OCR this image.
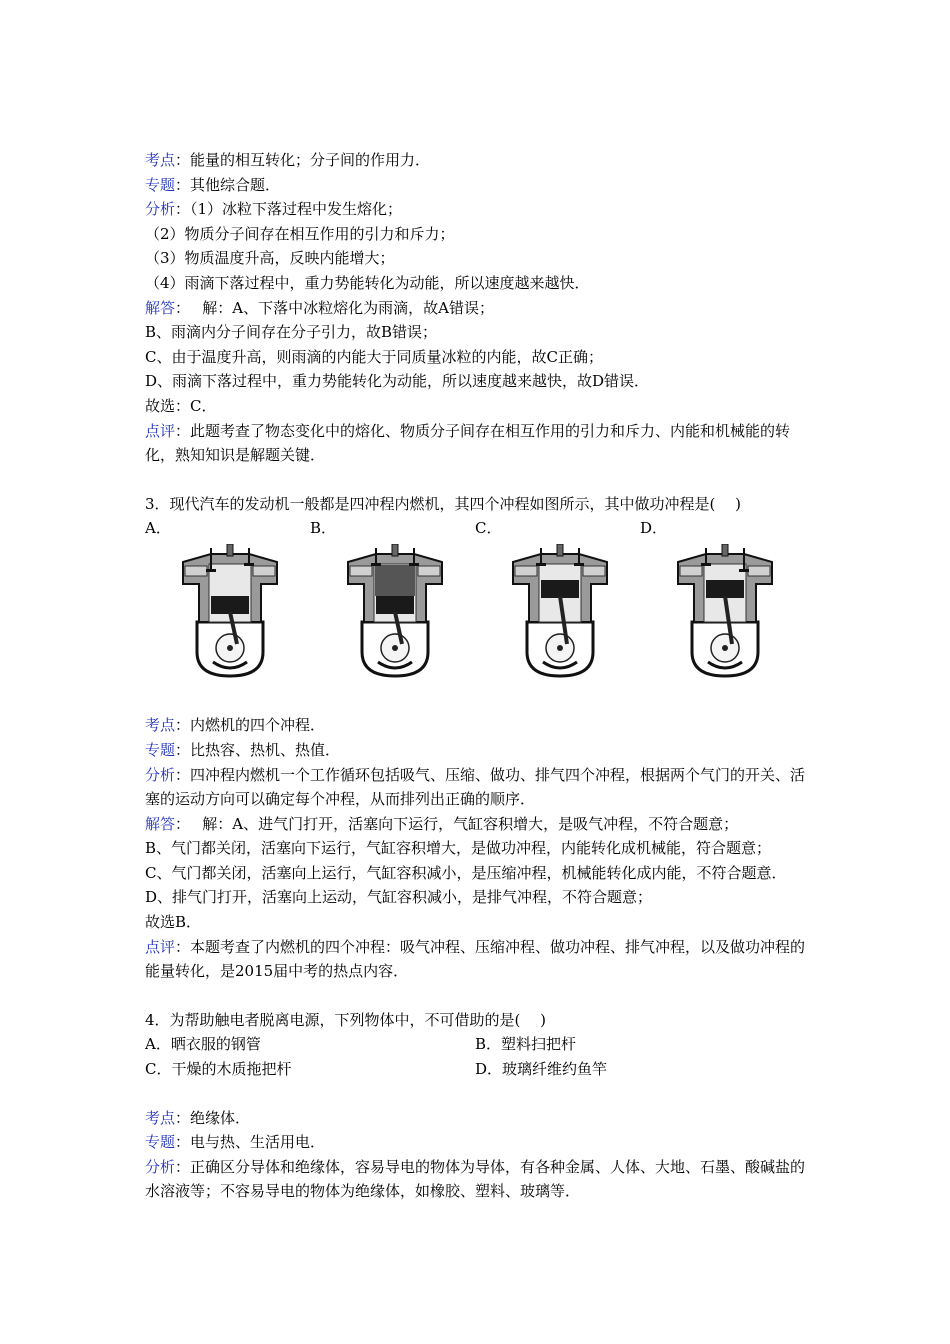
考点：能量的相互转化；分子间的作用力．
专题：其他综合题．
分析：（1）冰粒下落过程中发生熔化；
（2）物质分子间存在相互作用的引力和斥力；
（3）物质温度升高，反映内能增大；
（4）雨滴下落过程中，重力势能转化为动能，所以速度越来越快．
解答：　 解：A、下落中冰粒熔化为雨滴，故A错误；
B、雨滴内分子间存在分子引力，故B错误；
C、由于温度升高，则雨滴的内能大于同质量冰粒的内能，故C正确；
D、雨滴下落过程中，重力势能转化为动能，所以速度越来越快，故D错误．
故选：C．
点评：此题考查了物态变化中的熔化、物质分子间存在相互作用的引力和斥力、内能和机械能的转化，熟知知识是解题关键．
3．现代汽车的发动机一般都是四冲程内燃机，其四个冲程如图所示，其中做功冲程是(　 )
A．	B．	C．	D．
考点：内燃机的四个冲程．
专题：比热容、热机、热值．
分析：四冲程内燃机一个工作循环包括吸气、压缩、做功、排气四个冲程，根据两个气门的开关、活塞的运动方向可以确定每个冲程，从而排列出正确的顺序．
解答：　 解：A、进气门打开，活塞向下运行，气缸容积增大，是吸气冲程，不符合题意；
B、气门都关闭，活塞向下运行，气缸容积增大，是做功冲程，内能转化成机械能，符合题意；
C、气门都关闭，活塞向上运行，气缸容积减小，是压缩冲程，机械能转化成内能，不符合题意．
D、排气门打开，活塞向上运动，气缸容积减小，是排气冲程，不符合题意；
故选B．
点评：本题考查了内燃机的四个冲程：吸气冲程、压缩冲程、做功冲程、排气冲程，以及做功冲程的能量转化，是2015届中考的热点内容．
4．为帮助触电者脱离电源，下列物体中，不可借助的是(　 )
A．晒衣服的钢管	B．塑料扫把杆
C．干燥的木质拖把杆	D．玻璃纤维约鱼竿
考点：绝缘体．
专题：电与热、生活用电．
分析：正确区分导体和绝缘体，容易导电的物体为导体，有各种金属、人体、大地、石墨、酸碱盐的水溶液等；不容易导电的物体为绝缘体，如橡胶、塑料、玻璃等．
